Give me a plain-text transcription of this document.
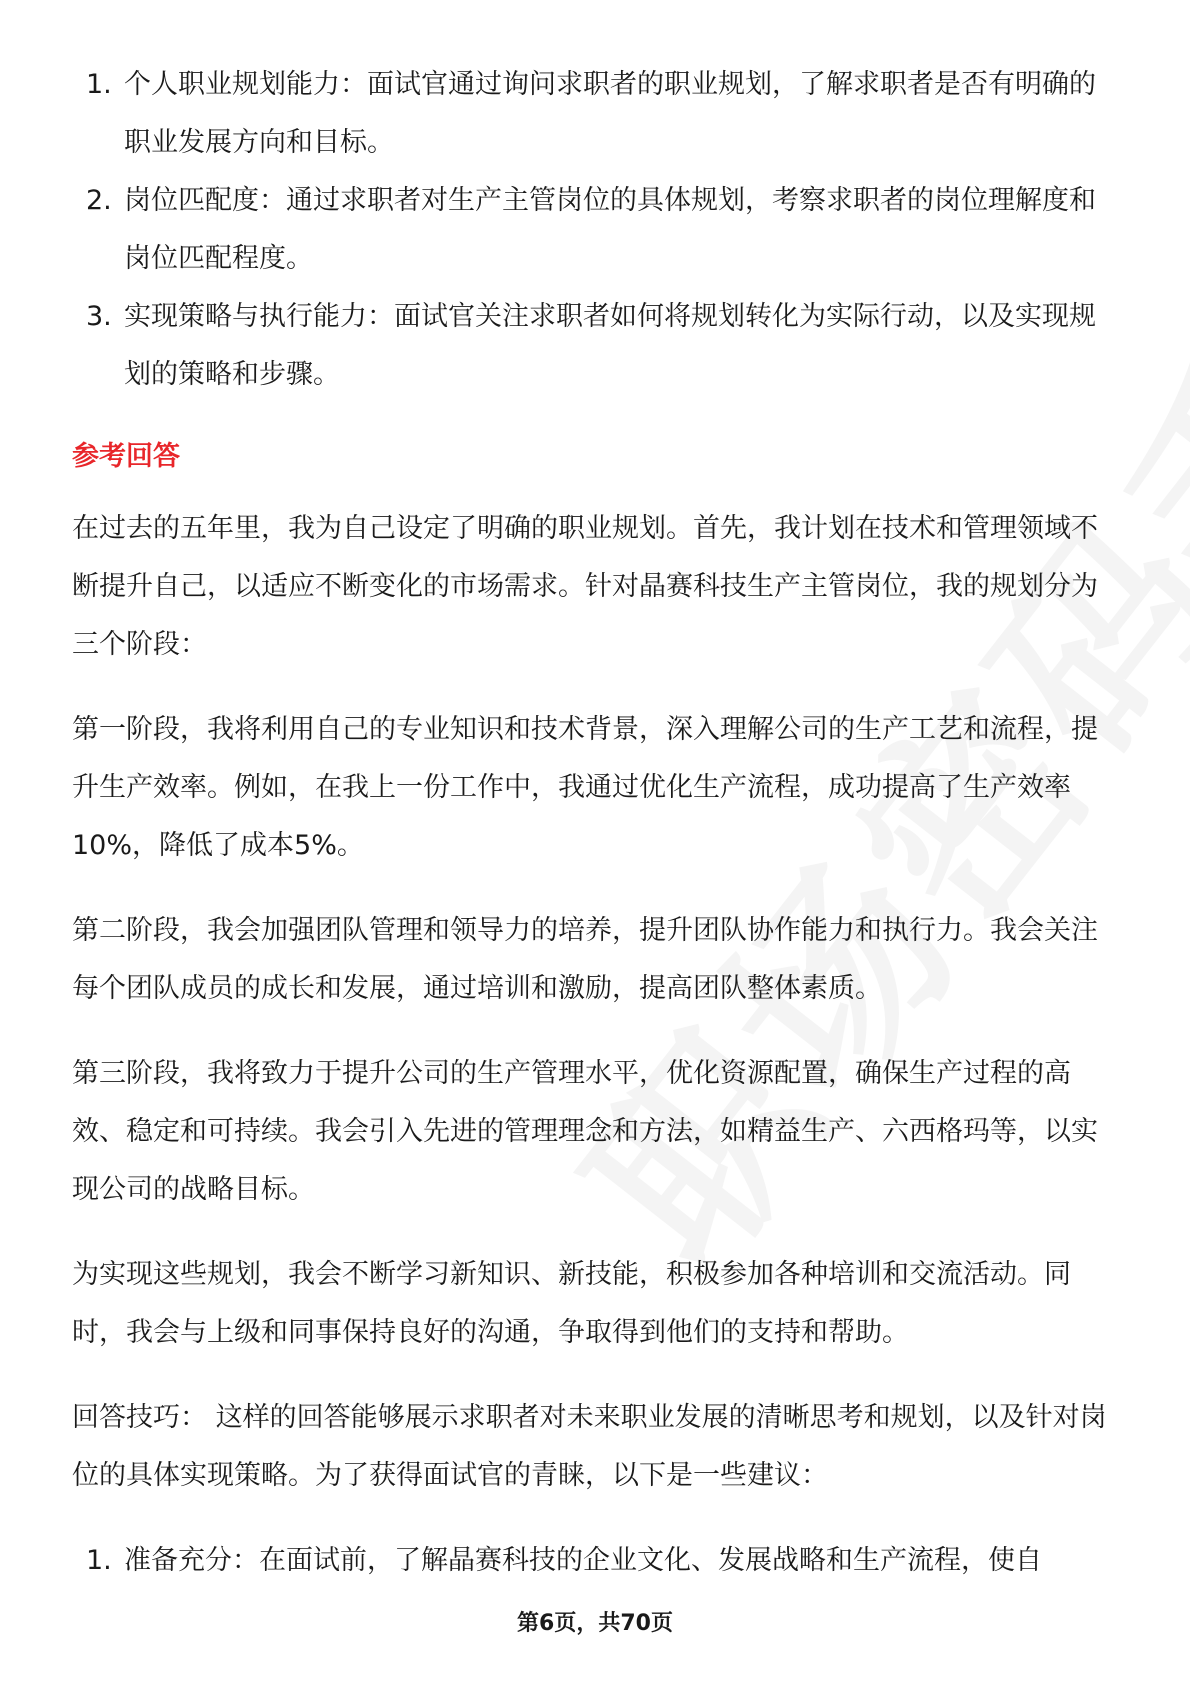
1. 个人职业规划能力：面试官通过询问求职者的职业规划，了解求职者是否有明确的职业发展方向和目标。
2. 岗位匹配度：通过求职者对生产主管岗位的具体规划，考察求职者的岗位理解度和岗位匹配程度。
3. 实现策略与执行能力：面试官关注求职者如何将规划转化为实际行动，以及实现规划的策略和步骤。
参考回答

在过去的五年里，我为自己设定了明确的职业规划。首先，我计划在技术和管理领域不断提升自己，以适应不断变化的市场需求。针对晶赛科技生产主管岗位，我的规划分为三个阶段：

第一阶段，我将利用自己的专业知识和技术背景，深入理解公司的生产工艺和流程，提升生产效率。例如，在我上一份工作中，我通过优化生产流程，成功提高了生产效率10%，降低了成本5%。

第二阶段，我会加强团队管理和领导力的培养，提升团队协作能力和执行力。我会关注每个团队成员的成长和发展，通过培训和激励，提高团队整体素质。

第三阶段，我将致力于提升公司的生产管理水平，优化资源配置，确保生产过程的高效、稳定和可持续。我会引入先进的管理理念和方法，如精益生产、六西格玛等，以实现公司的战略目标。

为实现这些规划，我会不断学习新知识、新技能，积极参加各种培训和交流活动。同时，我会与上级和同事保持良好的沟通，争取得到他们的支持和帮助。

回答技巧： 这样的回答能够展示求职者对未来职业发展的清晰思考和规划，以及针对岗位的具体实现策略。为了获得面试官的青睐，以下是一些建议：

1. 准备充分：在面试前，了解晶赛科技的企业文化、发展战略和生产流程，使自
第6页，共70页
